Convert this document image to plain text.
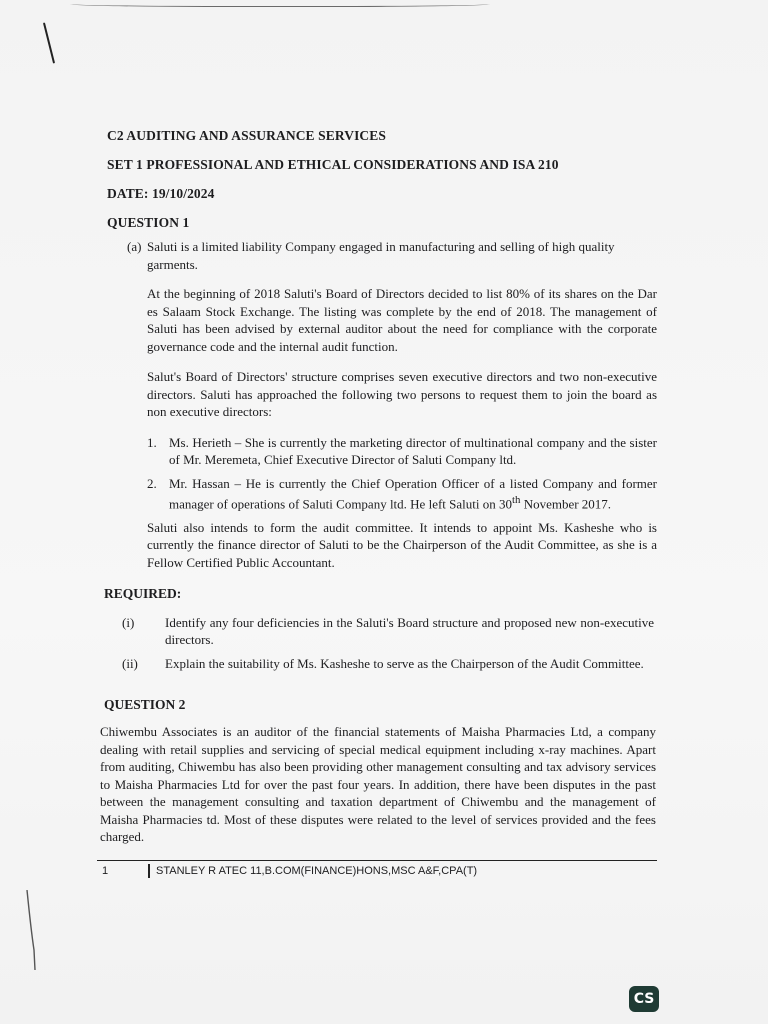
C2 AUDITING AND ASSURANCE SERVICES

SET 1 PROFESSIONAL AND ETHICAL CONSIDERATIONS AND ISA 210

DATE: 19/10/2024

QUESTION 1

(a) Saluti is a limited liability Company engaged in manufacturing and selling of high quality garments.

At the beginning of 2018 Saluti's Board of Directors decided to list 80% of its shares on the Dar es Salaam Stock Exchange. The listing was complete by the end of 2018. The management of Saluti has been advised by external auditor about the need for compliance with the corporate governance code and the internal audit function.

Salut's Board of Directors' structure comprises seven executive directors and two non-executive directors. Saluti has approached the following two persons to request them to join the board as non executive directors:

1. Ms. Herieth – She is currently the marketing director of multinational company and the sister of Mr. Meremeta, Chief Executive Director of Saluti Company ltd.
2. Mr. Hassan – He is currently the Chief Operation Officer of a listed Company and former manager of operations of Saluti Company ltd. He left Saluti on 30th November 2017.

Saluti also intends to form the audit committee. It intends to appoint Ms. Kasheshe who is currently the finance director of Saluti to be the Chairperson of the Audit Committee, as she is a Fellow Certified Public Accountant.

REQUIRED:
(i)	Identify any four deficiencies in the Saluti's Board structure and proposed new non-executive directors.
(ii)	Explain the suitability of Ms. Kasheshe to serve as the Chairperson of the Audit Committee.
QUESTION 2

Chiwembu Associates is an auditor of the financial statements of Maisha Pharmacies Ltd, a company dealing with retail supplies and servicing of special medical equipment including x-ray machines. Apart from auditing, Chiwembu has also been providing other management consulting and tax advisory services to Maisha Pharmacies Ltd for over the past four years. In addition, there have been disputes in the past between the management consulting and taxation department of Chiwembu and the management of Maisha Pharmacies td. Most of these disputes were related to the level of services provided and the fees charged.

1	STANLEY R ATEC 11,B.COM(FINANCE)HONS,MSC A&F,CPA(T)
CS
